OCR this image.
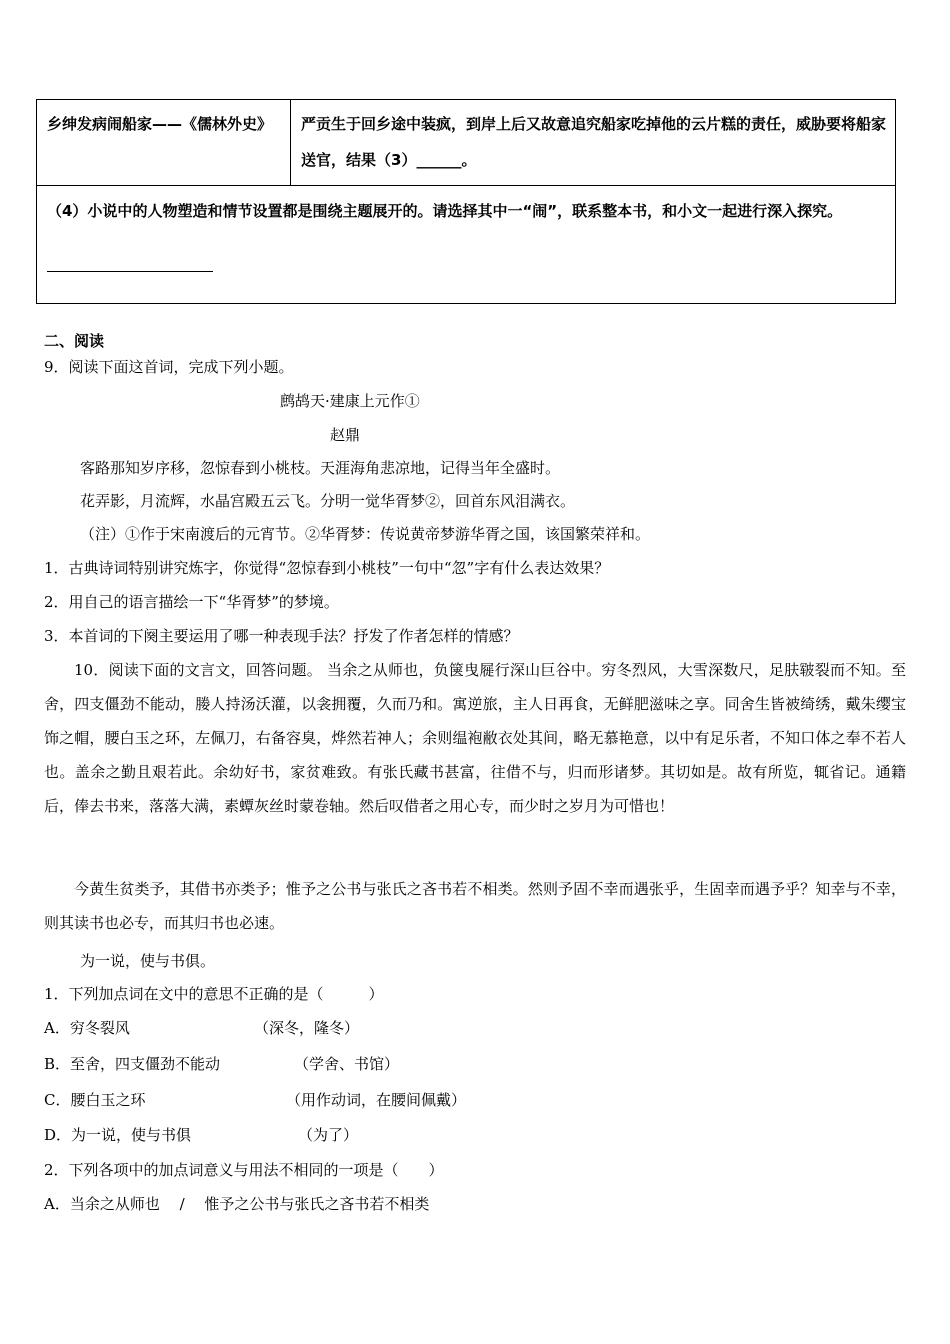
乡绅发病闹船家——《儒林外史》	严贡生于回乡途中装疯，到岸上后又故意追究船家吃掉他的云片糕的责任，威胁要将船家送官，结果（3）______。
（4）小说中的人物塑造和情节设置都是围绕主题展开的。请选择其中一“闹”，联系整本书，和小文一起进行深入探究。
二、阅读
9．阅读下面这首词，完成下列小题。
鹧鸪天·建康上元作①
赵鼎
客路那知岁序移，忽惊春到小桃枝。天涯海角悲凉地，记得当年全盛时。
花弄影，月流辉，水晶宫殿五云飞。分明一觉华胥梦②，回首东风泪满衣。
（注）①作于宋南渡后的元宵节。②华胥梦：传说黄帝梦游华胥之国，该国繁荣祥和。
1．古典诗词特别讲究炼字，你觉得“忽惊春到小桃枝”一句中“忽”字有什么表达效果？
2．用自己的语言描绘一下“华胥梦”的梦境。
3．本首词的下阕主要运用了哪一种表现手法？抒发了作者怎样的情感？
10．阅读下面的文言文，回答问题。 当余之从师也，负箧曳屣行深山巨谷中。穷冬烈风，大雪深数尺，足肤皲裂而不知。至舍，四支僵劲不能动，媵人持汤沃灌，以衾拥覆，久而乃和。寓逆旅，主人日再食，无鲜肥滋味之享。同舍生皆被绮绣，戴朱缨宝饰之帽，腰白玉之环，左佩刀，右备容臭，烨然若神人；余则缊袍敝衣处其间，略无慕艳意，以中有足乐者，不知口体之奉不若人也。盖余之勤且艰若此。余幼好书，家贫难致。有张氏藏书甚富，往借不与，归而形诸梦。其切如是。故有所览，辄省记。通籍后，俸去书来，落落大满，素蟫灰丝时蒙卷轴。然后叹借者之用心专，而少时之岁月为可惜也！
今黄生贫类予，其借书亦类予；惟予之公书与张氏之吝书若不相类。然则予固不幸而遇张乎，生固幸而遇予乎？知幸与不幸，则其读书也必专，而其归书也必速。
为一说，使与书俱。
1．下列加点词在文中的意思不正确的是（　　　）
A．穷冬裂风	（深冬，隆冬）
B．至舍，四支僵劲不能动	（学舍、书馆）
C．腰白玉之环	（用作动词，在腰间佩戴）
D．为一说，使与书俱	（为了）
2．下列各项中的加点词意义与用法不相同的一项是（　　）
A．当余之从师也　 /　 惟予之公书与张氏之吝书若不相类
